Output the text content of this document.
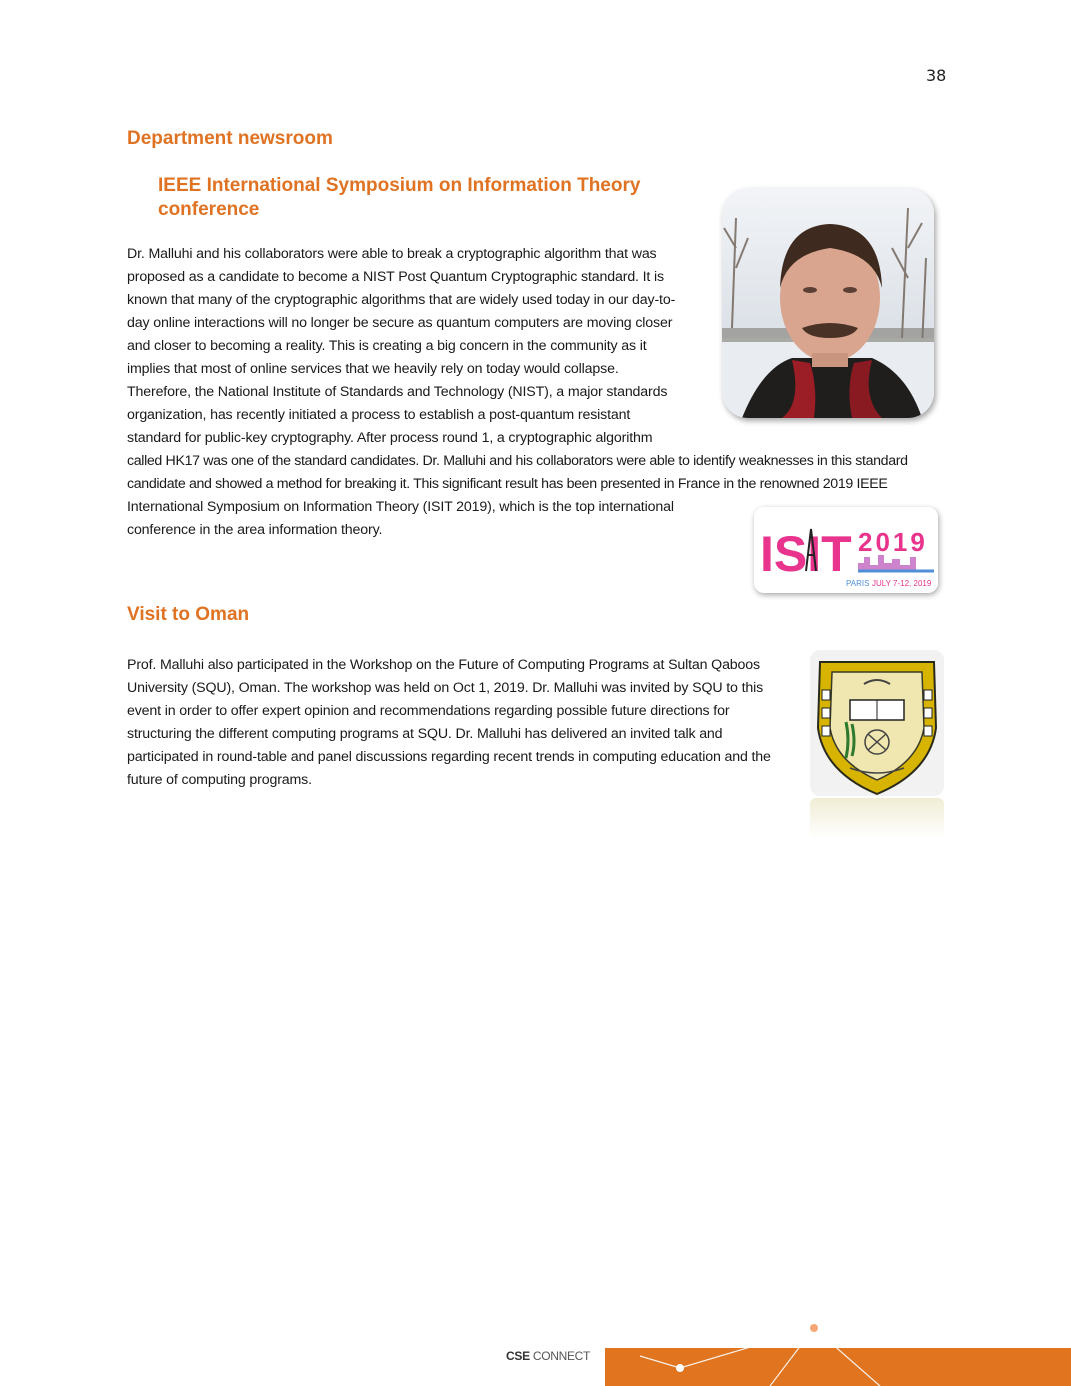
38
Department newsroom
IEEE International Symposium on Information Theory conference
Dr. Malluhi and his collaborators were able to break a cryptographic algorithm that was
proposed as a candidate to become a NIST Post Quantum Cryptographic standard. It is
known that many of the cryptographic algorithms that are widely used today in our day-to-
day online interactions will no longer be secure as quantum computers are moving closer
and closer to becoming a reality. This is creating a big concern in the community as it
implies that most of online services that we heavily rely on today would collapse.
Therefore, the National Institute of Standards and Technology (NIST), a major standards
organization, has recently initiated a process to establish a post-quantum resistant
standard for public-key cryptography. After process round 1, a cryptographic algorithm
called HK17 was one of the standard candidates. Dr. Malluhi and his collaborators were able to identify weaknesses in this standard
candidate and showed a method for breaking it. This significant result has been presented in France in the renowned 2019 IEEE
International Symposium on Information Theory (ISIT 2019), which is the top international
conference in the area information theory.	ISIT 2019
PARIS JULY 7-12, 2019
Visit to Oman
Prof. Malluhi also participated in the Workshop on the Future of Computing Programs at Sultan Qaboos
University (SQU), Oman. The workshop was held on Oct 1, 2019. Dr. Malluhi was invited by SQU to this
event in order to offer expert opinion and recommendations regarding possible future directions for
structuring the different computing programs at SQU. Dr. Malluhi has delivered an invited talk and
participated in round-table and panel discussions regarding recent trends in computing education and the
future of computing programs.
CSE CONNECT
